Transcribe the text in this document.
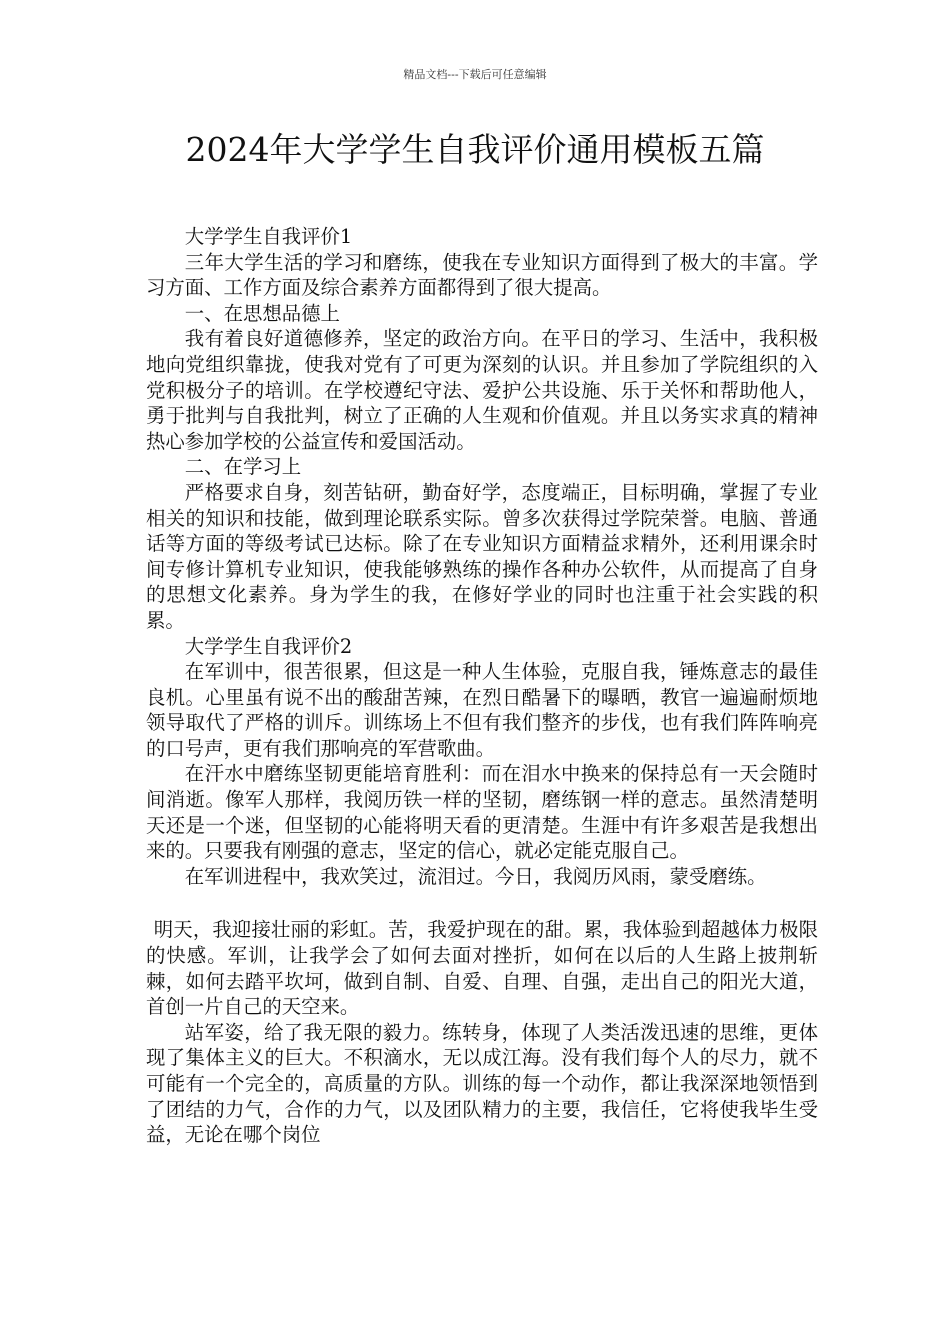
精品文档---下载后可任意编辑
2024年大学学生自我评价通用模板五篇

大学学生自我评价1

三年大学生活的学习和磨练，使我在专业知识方面得到了极大的丰富。学习方面、工作方面及综合素养方面都得到了很大提高。

一、在思想品德上

我有着良好道德修养，坚定的政治方向。在平日的学习、生活中，我积极地向党组织靠拢，使我对党有了可更为深刻的认识。并且参加了学院组织的入党积极分子的培训。在学校遵纪守法、爱护公共设施、乐于关怀和帮助他人，勇于批判与自我批判，树立了正确的人生观和价值观。并且以务实求真的精神热心参加学校的公益宣传和爱国活动。

二、在学习上

严格要求自身，刻苦钻研，勤奋好学，态度端正，目标明确，掌握了专业相关的知识和技能，做到理论联系实际。曾多次获得过学院荣誉。电脑、普通话等方面的等级考试已达标。除了在专业知识方面精益求精外，还利用课余时间专修计算机专业知识，使我能够熟练的操作各种办公软件，从而提高了自身的思想文化素养。身为学生的我，在修好学业的同时也注重于社会实践的积累。

大学学生自我评价2

在军训中，很苦很累，但这是一种人生体验，克服自我，锤炼意志的最佳良机。心里虽有说不出的酸甜苦辣，在烈日酷暑下的曝晒，教官一遍遍耐烦地领导取代了严格的训斥。训练场上不但有我们整齐的步伐，也有我们阵阵响亮的口号声，更有我们那响亮的军营歌曲。

在汗水中磨练坚韧更能培育胜利：而在泪水中换来的保持总有一天会随时间消逝。像军人那样，我阅历铁一样的坚韧，磨练钢一样的意志。虽然清楚明天还是一个迷，但坚韧的心能将明天看的更清楚。生涯中有许多艰苦是我想出来的。只要我有刚强的意志，坚定的信心，就必定能克服自己。

在军训进程中，我欢笑过，流泪过。今日，我阅历风雨，蒙受磨练。

明天，我迎接壮丽的彩虹。苦，我爱护现在的甜。累，我体验到超越体力极限的快感。军训，让我学会了如何去面对挫折，如何在以后的人生路上披荆斩棘，如何去踏平坎坷，做到自制、自爱、自理、自强，走出自己的阳光大道，首创一片自己的天空来。

站军姿，给了我无限的毅力。练转身，体现了人类活泼迅速的思维，更体现了集体主义的巨大。不积滴水，无以成江海。没有我们每个人的尽力，就不可能有一个完全的，高质量的方队。训练的每一个动作，都让我深深地领悟到了团结的力气，合作的力气，以及团队精力的主要，我信任，它将使我毕生受益，无论在哪个岗位
